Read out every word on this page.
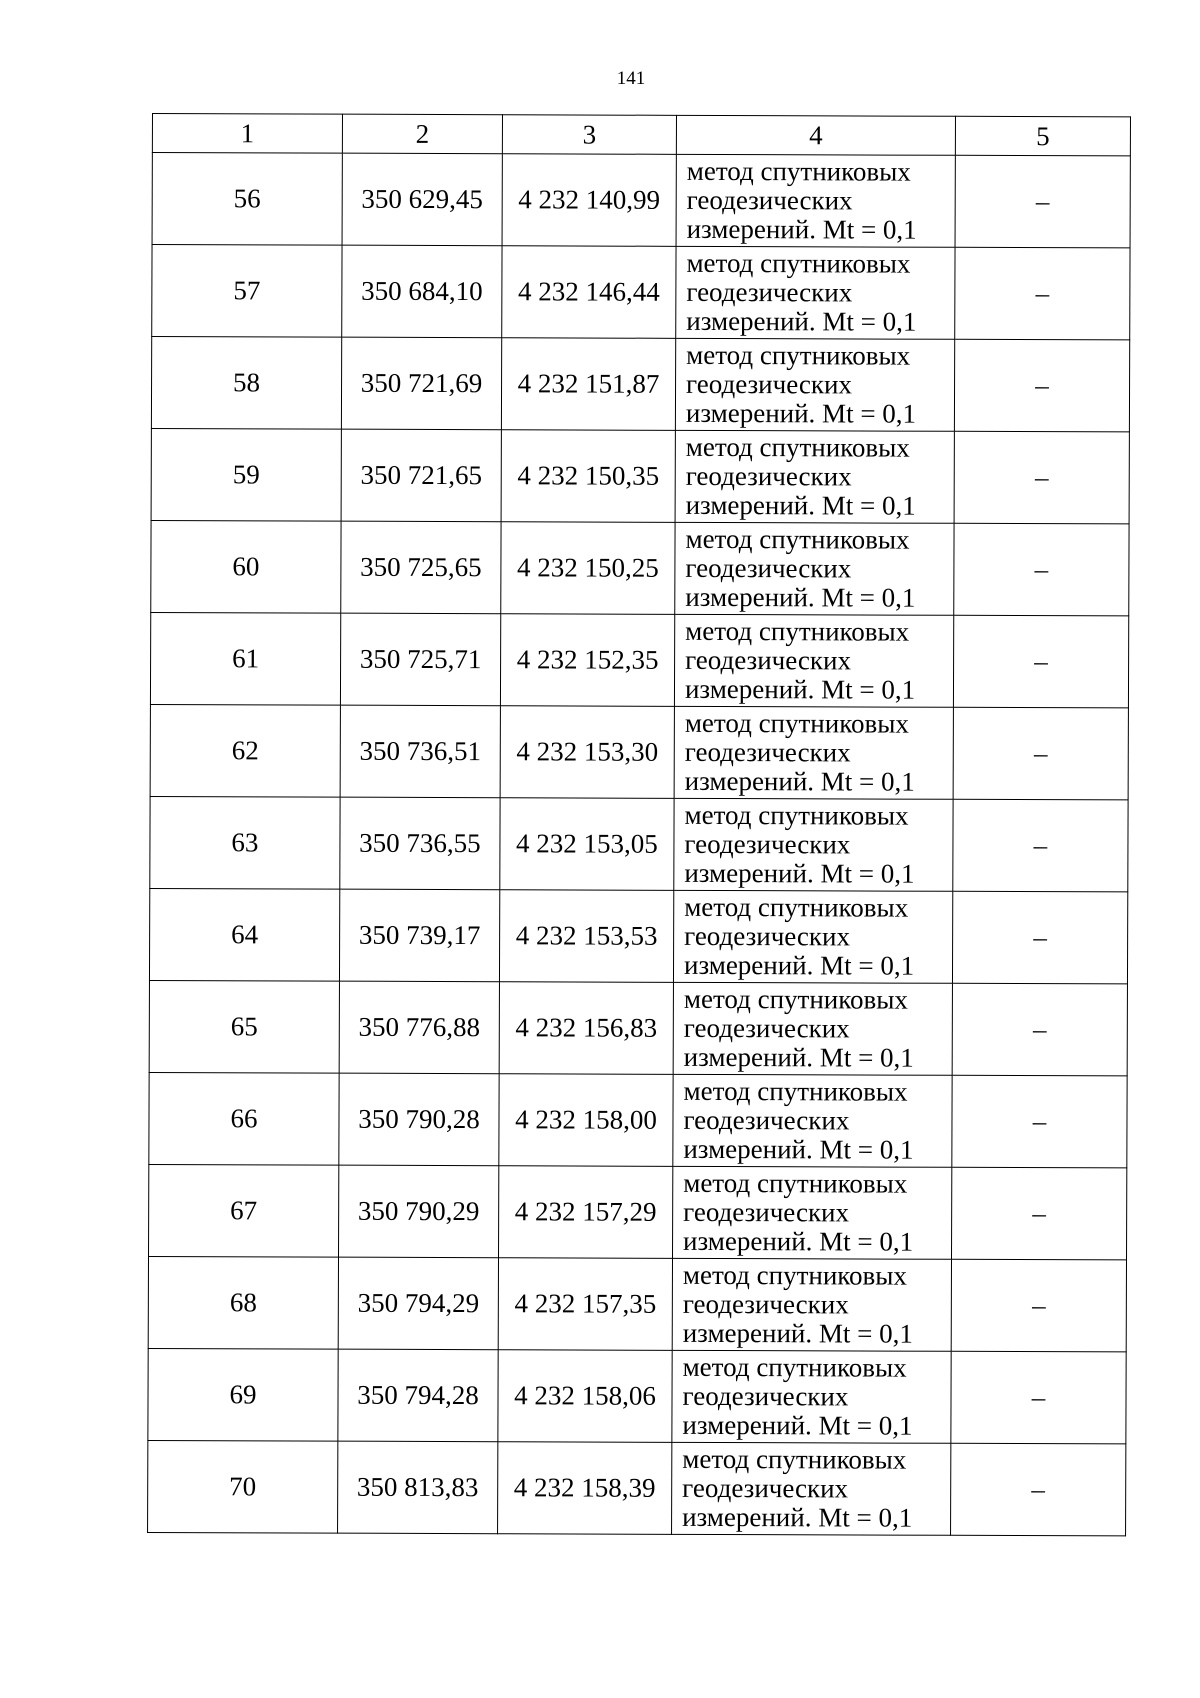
141
1	2	3	4	5
56	350 629,45	4 232 140,99	метод спутниковых
геодезических
измерений. Mt = 0,1	–
57	350 684,10	4 232 146,44	метод спутниковых
геодезических
измерений. Mt = 0,1	–
58	350 721,69	4 232 151,87	метод спутниковых
геодезических
измерений. Mt = 0,1	–
59	350 721,65	4 232 150,35	метод спутниковых
геодезических
измерений. Mt = 0,1	–
60	350 725,65	4 232 150,25	метод спутниковых
геодезических
измерений. Mt = 0,1	–
61	350 725,71	4 232 152,35	метод спутниковых
геодезических
измерений. Mt = 0,1	–
62	350 736,51	4 232 153,30	метод спутниковых
геодезических
измерений. Mt = 0,1	–
63	350 736,55	4 232 153,05	метод спутниковых
геодезических
измерений. Mt = 0,1	–
64	350 739,17	4 232 153,53	метод спутниковых
геодезических
измерений. Mt = 0,1	–
65	350 776,88	4 232 156,83	метод спутниковых
геодезических
измерений. Mt = 0,1	–
66	350 790,28	4 232 158,00	метод спутниковых
геодезических
измерений. Mt = 0,1	–
67	350 790,29	4 232 157,29	метод спутниковых
геодезических
измерений. Mt = 0,1	–
68	350 794,29	4 232 157,35	метод спутниковых
геодезических
измерений. Mt = 0,1	–
69	350 794,28	4 232 158,06	метод спутниковых
геодезических
измерений. Mt = 0,1	–
70	350 813,83	4 232 158,39	метод спутниковых
геодезических
измерений. Mt = 0,1	–
